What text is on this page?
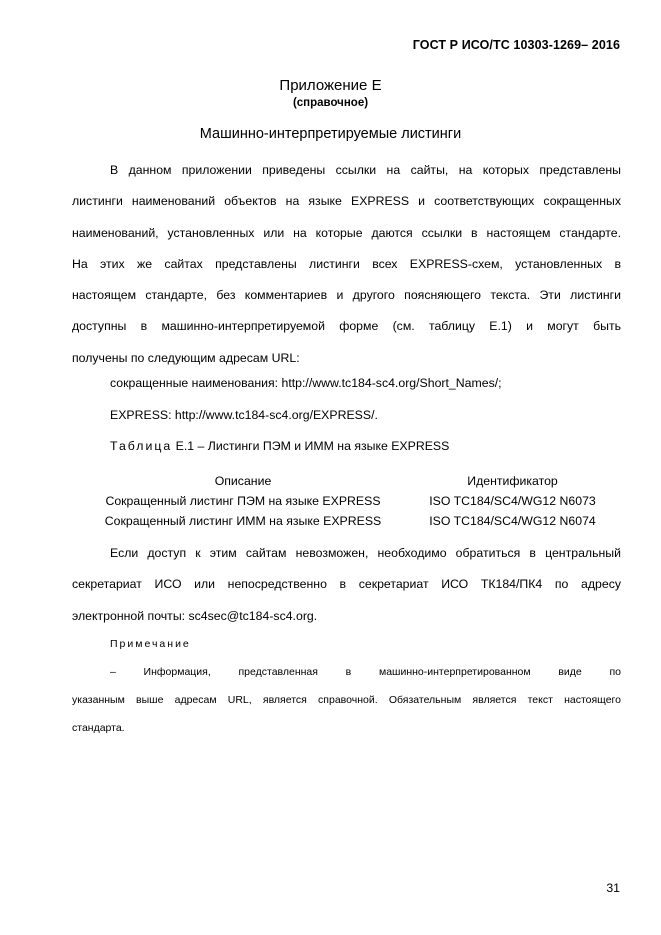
ГОСТ Р ИСО/ТС 10303-1269– 2016
Приложение Е
(справочное)
Машинно-интерпретируемые листинги
В данном приложении приведены ссылки на сайты, на которых представлены
листинги наименований объектов на языке EXPRESS и соответствующих сокращенных
наименований, установленных или на которые даются ссылки в настоящем стандарте.
На этих же сайтах представлены листинги всех EXPRESS-схем, установленных в
настоящем стандарте, без комментариев и другого поясняющего текста. Эти листинги
доступны в машинно-интерпретируемой форме (см. таблицу Е.1) и могут быть
получены по следующим адресам URL:
сокращенные наименования: http://www.tc184-sc4.org/Short_Names/;
EXPRESS: http://www.tc184-sc4.org/EXPRESS/.
Таблица Е.1 – Листинги ПЭМ и ИММ на языке EXPRESS
Описание	Идентификатор
Сокращенный листинг ПЭМ на языке EXPRESS	ISO TC184/SC4/WG12 N6073
Сокращенный листинг ИММ на языке EXPRESS	ISO TC184/SC4/WG12 N6074
Если доступ к этим сайтам невозможен, необходимо обратиться в центральный
секретариат ИСО или непосредственно в секретариат ИСО ТК184/ПК4 по адресу
электронной почты: sc4sec@tc184-sc4.org.
Примечание
– Информация, представленная в машинно-интерпретированном виде по
указанным выше адресам URL, является справочной. Обязательным является текст настоящего
стандарта.
31
